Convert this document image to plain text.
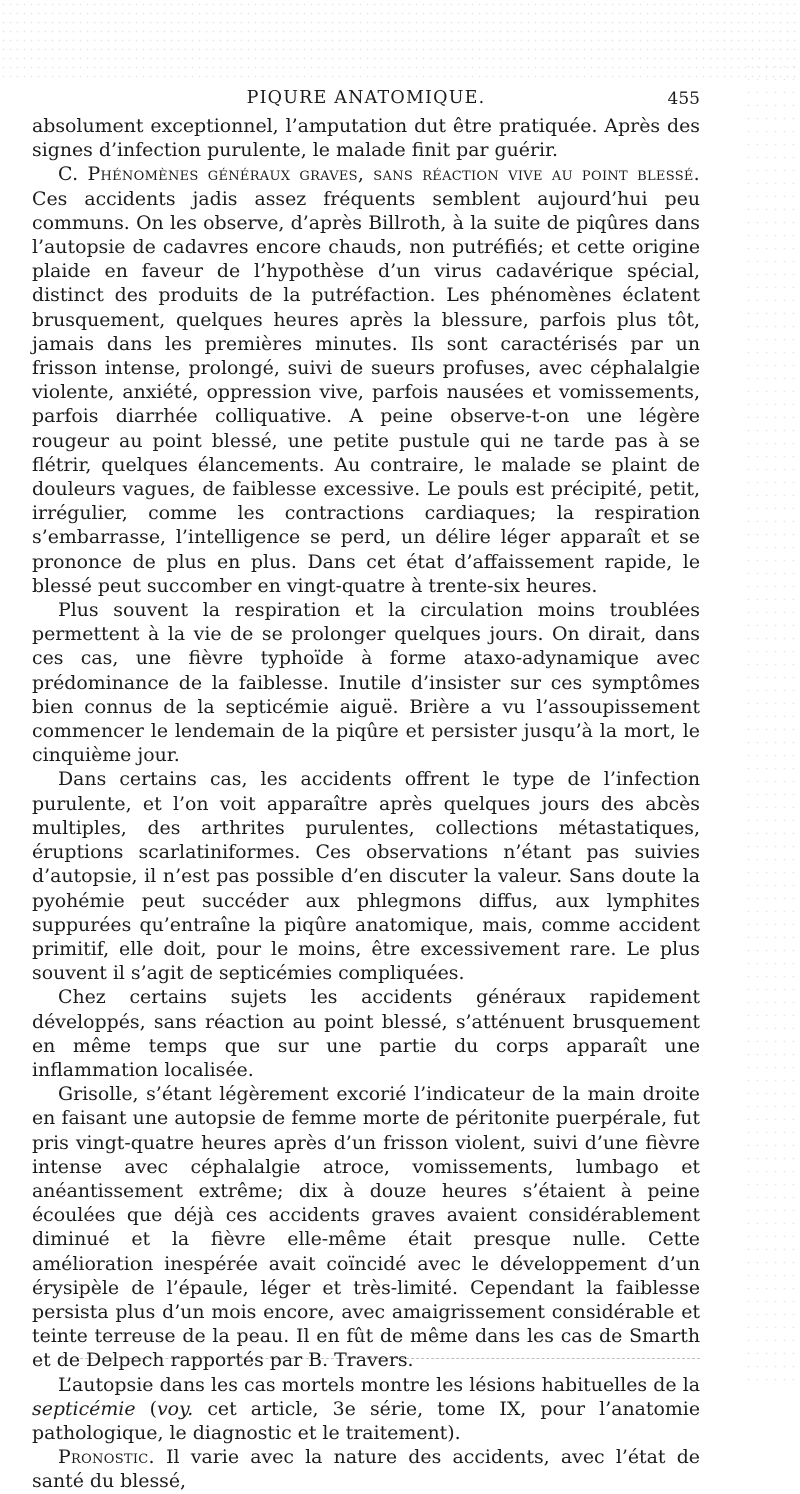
PIQURE ANATOMIQUE.	455

absolument exceptionnel, l’amputation dut être pratiquée. Après des signes d’infection purulente, le malade finit par guérir.

C. Phénomènes généraux graves, sans réaction vive au point blessé. Ces accidents jadis assez fréquents semblent aujourd’hui peu communs. On les observe, d’après Billroth, à la suite de piqûres dans l’autopsie de cadavres encore chauds, non putréfiés; et cette origine plaide en faveur de l’hypothèse d’un virus cadavérique spécial, distinct des produits de la putréfaction. Les phénomènes éclatent brusquement, quelques heures après la blessure, parfois plus tôt, jamais dans les premières minutes. Ils sont caractérisés par un frisson intense, prolongé, suivi de sueurs profuses, avec céphalalgie violente, anxiété, oppression vive, parfois nausées et vomissements, parfois diarrhée colliquative. A peine observe-t-on une légère rougeur au point blessé, une petite pustule qui ne tarde pas à se flétrir, quelques élancements. Au contraire, le malade se plaint de douleurs vagues, de faiblesse excessive. Le pouls est précipité, petit, irrégulier, comme les contractions cardiaques; la respiration s’embarrasse, l’intelligence se perd, un délire léger apparaît et se prononce de plus en plus. Dans cet état d’affaissement rapide, le blessé peut succomber en vingt-quatre à trente-six heures.

Plus souvent la respiration et la circulation moins troublées permettent à la vie de se prolonger quelques jours. On dirait, dans ces cas, une fièvre typhoïde à forme ataxo-adynamique avec prédominance de la faiblesse. Inutile d’insister sur ces symptômes bien connus de la septicémie aiguë. Brière a vu l’assoupissement commencer le lendemain de la piqûre et persister jusqu’à la mort, le cinquième jour.

Dans certains cas, les accidents offrent le type de l’infection purulente, et l’on voit apparaître après quelques jours des abcès multiples, des arthrites purulentes, collections métastatiques, éruptions scarlatiniformes. Ces observations n’étant pas suivies d’autopsie, il n’est pas possible d’en discuter la valeur. Sans doute la pyohémie peut succéder aux phlegmons diffus, aux lymphites suppurées qu’entraîne la piqûre anatomique, mais, comme accident primitif, elle doit, pour le moins, être excessivement rare. Le plus souvent il s’agit de septicémies compliquées.

Chez certains sujets les accidents généraux rapidement développés, sans réaction au point blessé, s’atténuent brusquement en même temps que sur une partie du corps apparaît une inflammation localisée.

Grisolle, s’étant légèrement excorié l’indicateur de la main droite en faisant une autopsie de femme morte de péritonite puerpérale, fut pris vingt-quatre heures après d’un frisson violent, suivi d’une fièvre intense avec céphalalgie atroce, vomissements, lumbago et anéantissement extrême; dix à douze heures s’étaient à peine écoulées que déjà ces accidents graves avaient considérablement diminué et la fièvre elle-même était presque nulle. Cette amélioration inespérée avait coïncidé avec le développement d’un érysipèle de l’épaule, léger et très-limité. Cependant la faiblesse persista plus d’un mois encore, avec amaigrissement considérable et teinte terreuse de la peau. Il en fût de même dans les cas de Smarth et de Delpech rapportés par B. Travers.

L’autopsie dans les cas mortels montre les lésions habituelles de la septicémie (voy. cet article, 3e série, tome IX, pour l’anatomie pathologique, le diagnostic et le traitement).

Pronostic. Il varie avec la nature des accidents, avec l’état de santé du blessé,
